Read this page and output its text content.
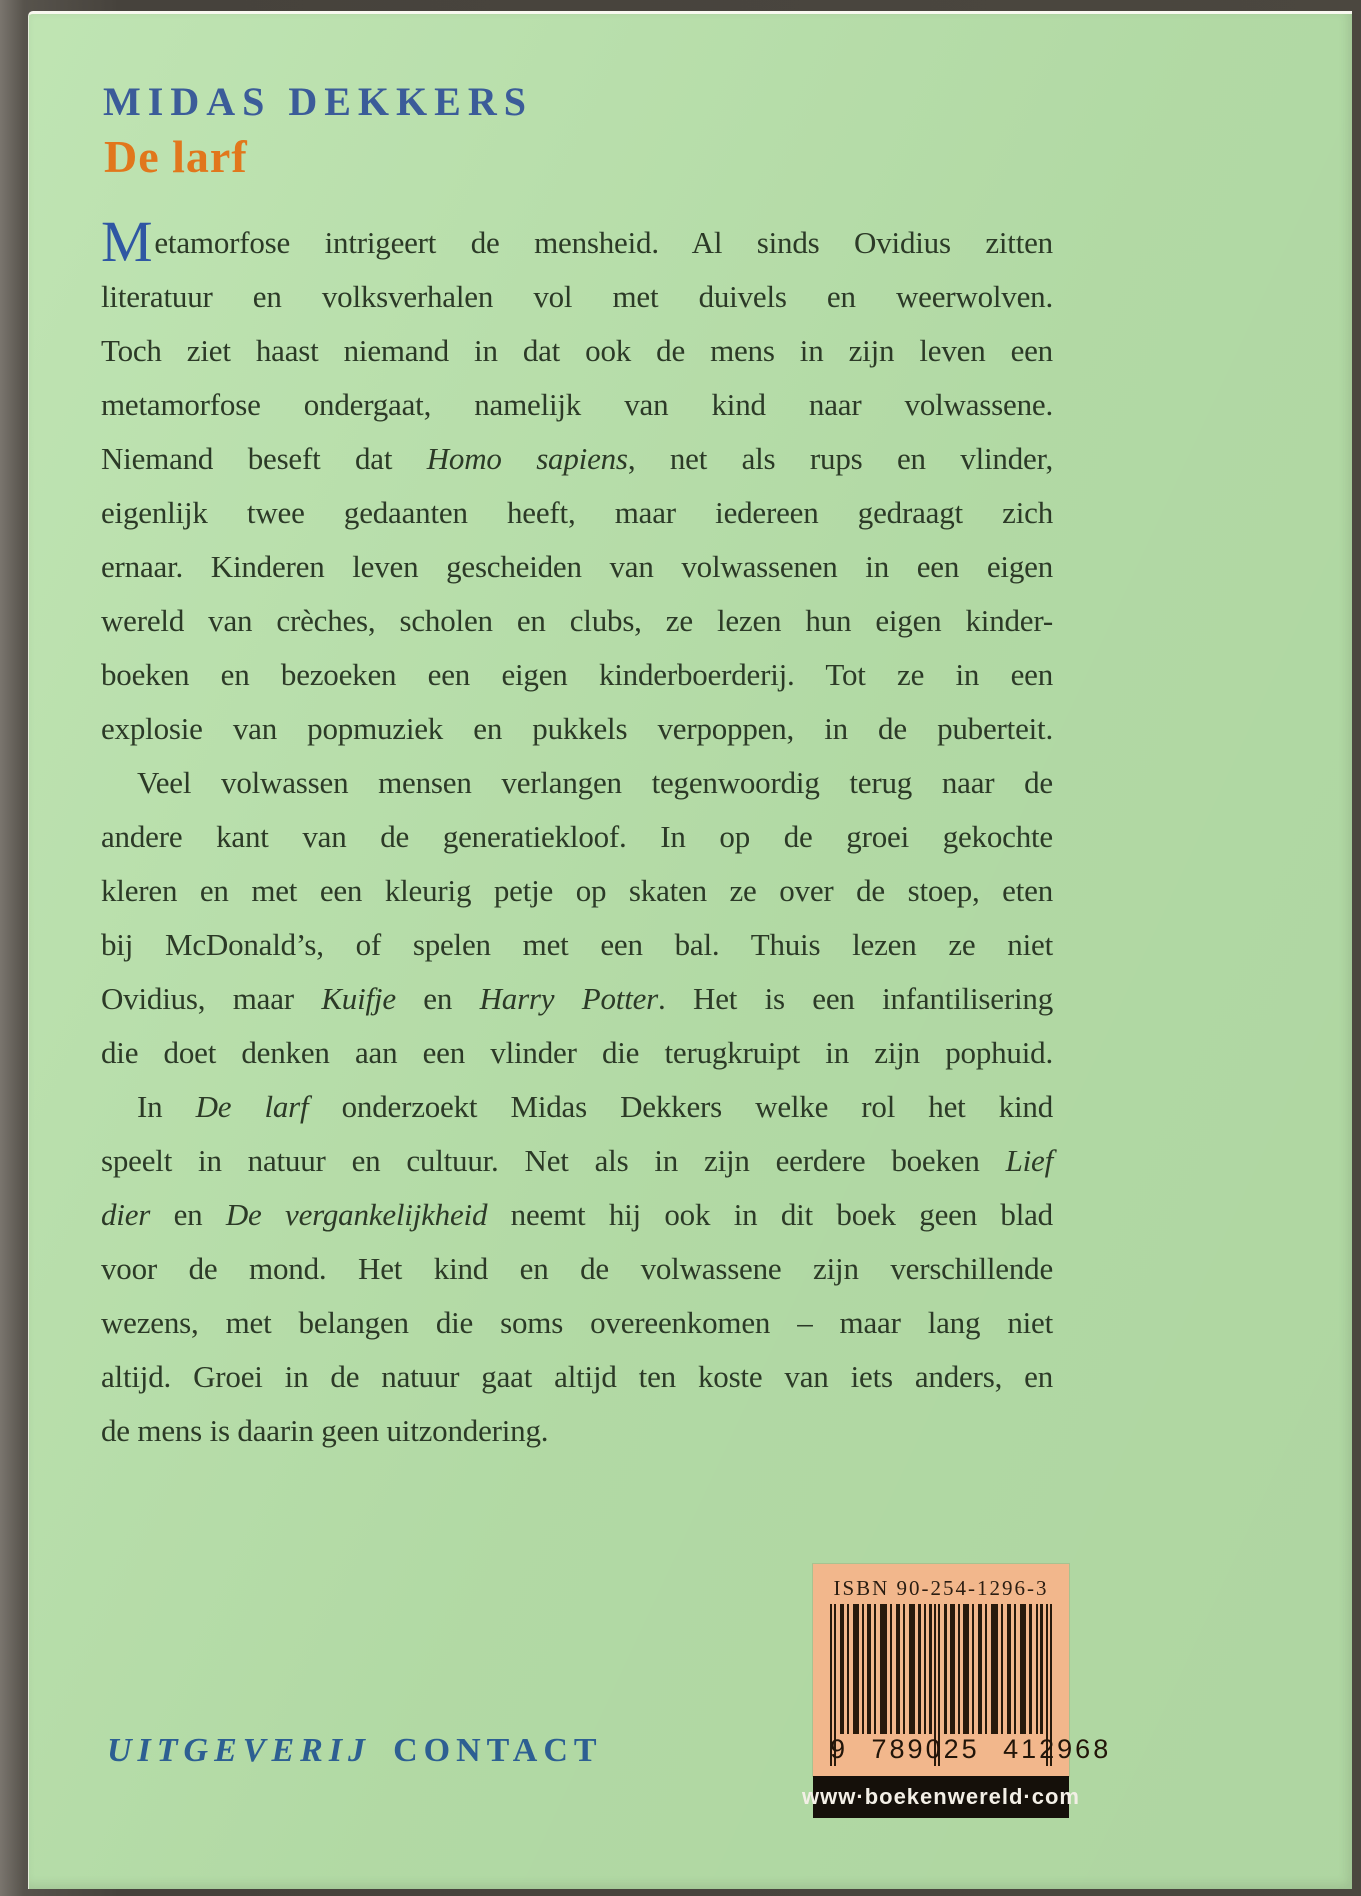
MIDAS DEKKERS
De larf
Metamorfose intrigeert de mensheid. Al sinds Ovidius zitten
literatuur en volksverhalen vol met duivels en weerwolven.
Toch ziet haast niemand in dat ook de mens in zijn leven een
metamorfose ondergaat, namelijk van kind naar volwassene.
Niemand beseft dat Homo sapiens, net als rups en vlinder,
eigenlijk twee gedaanten heeft, maar iedereen gedraagt zich
ernaar. Kinderen leven gescheiden van volwassenen in een eigen
wereld van crèches, scholen en clubs, ze lezen hun eigen kinder-
boeken en bezoeken een eigen kinderboerderij. Tot ze in een
explosie van popmuziek en pukkels verpoppen, in de puberteit.
Veel volwassen mensen verlangen tegenwoordig terug naar de
andere kant van de generatiekloof. In op de groei gekochte
kleren en met een kleurig petje op skaten ze over de stoep, eten
bij McDonald’s, of spelen met een bal. Thuis lezen ze niet
Ovidius, maar Kuifje en Harry Potter. Het is een infantilisering
die doet denken aan een vlinder die terugkruipt in zijn pophuid.
In De larf onderzoekt Midas Dekkers welke rol het kind
speelt in natuur en cultuur. Net als in zijn eerdere boeken Lief
dier en De vergankelijkheid neemt hij ook in dit boek geen blad
voor de mond. Het kind en de volwassene zijn verschillende
wezens, met belangen die soms overeenkomen – maar lang niet
altijd. Groei in de natuur gaat altijd ten koste van iets anders, en
de mens is daarin geen uitzondering.
UITGEVERIJ CONTACT
ISBN 90-254-1296-3
9 789025 412968
www·boekenwereld·com
